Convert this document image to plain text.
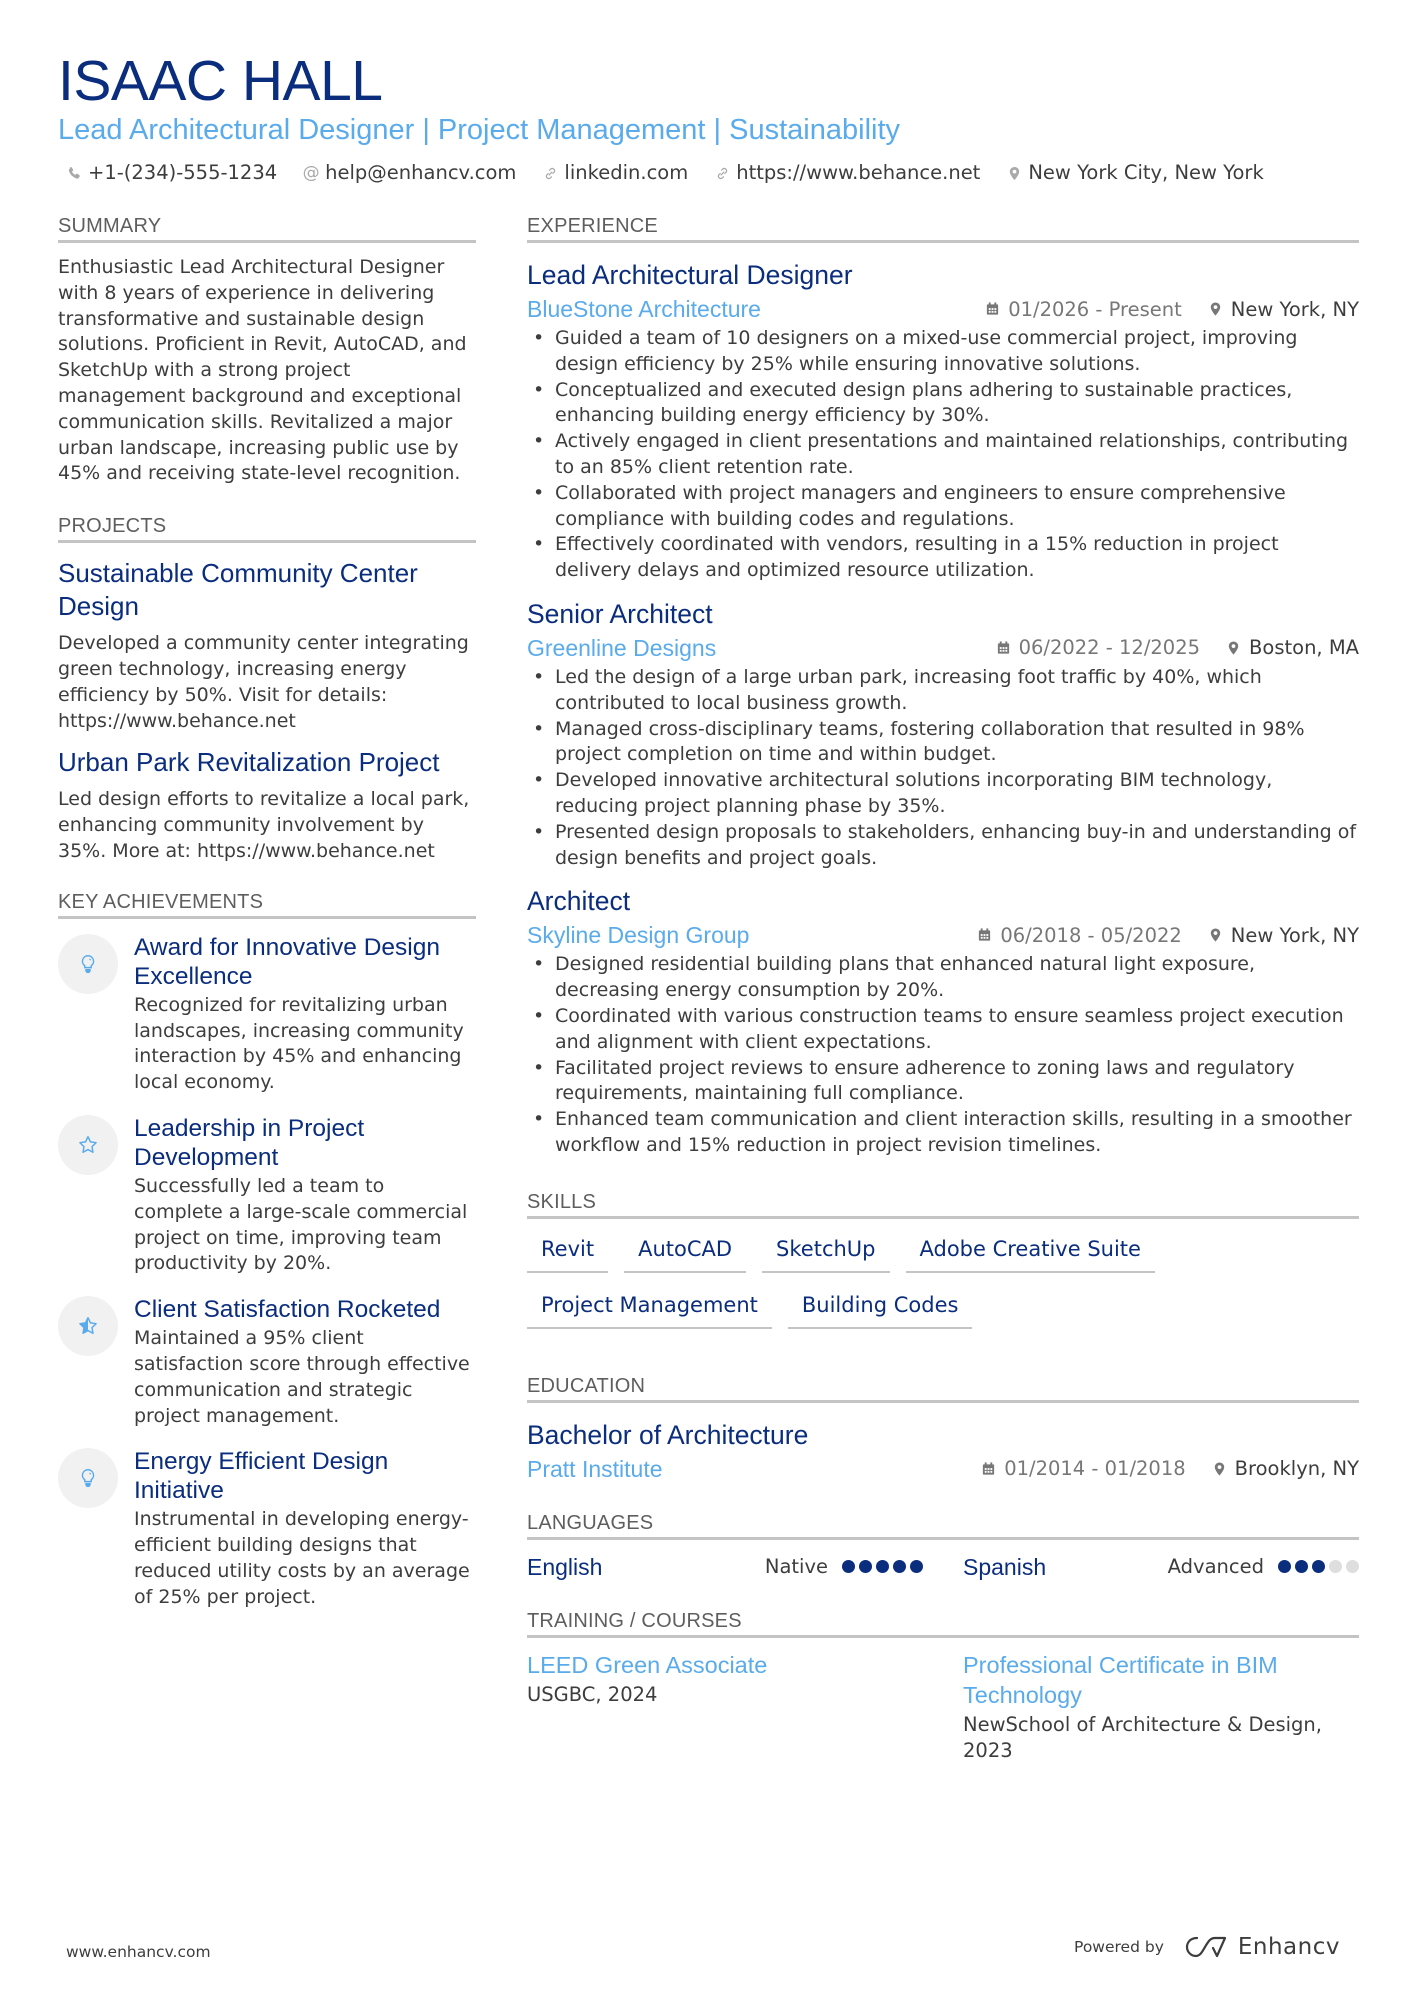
ISAAC HALL
Lead Architectural Designer | Project Management | Sustainability
+1-(234)-555-1234 @ help@enhancv.com linkedin.com https://www.behance.net New York City, New York
SUMMARY

Enthusiastic Lead Architectural Designer with 8 years of experience in delivering transformative and sustainable design solutions. Proficient in Revit, AutoCAD, and SketchUp with a strong project management background and exceptional communication skills. Revitalized a major urban landscape, increasing public use by 45% and receiving state-level recognition.

PROJECTS
Sustainable Community Center Design

Developed a community center integrating green technology, increasing energy efficiency by 50%. Visit for details: https://www.behance.net

Urban Park Revitalization Project

Led design efforts to revitalize a local park, enhancing community involvement by 35%. More at: https://www.behance.net

KEY ACHIEVEMENTS
Award for Innovative Design Excellence

Recognized for revitalizing urban landscapes, increasing community interaction by 45% and enhancing local economy.

Leadership in Project Development

Successfully led a team to complete a large-scale commercial project on time, improving team productivity by 20%.

Client Satisfaction Rocketed

Maintained a 95% client satisfaction score through effective communication and strategic project management.

Energy Efficient Design Initiative

Instrumental in developing energy-efficient building designs that reduced utility costs by an average of 25% per project.

EXPERIENCE
Lead Architectural Designer
BlueStone Architecture	01/2026 - Present	New York, NY
• Guided a team of 10 designers on a mixed-use commercial project, improving design efficiency by 25% while ensuring innovative solutions.
• Conceptualized and executed design plans adhering to sustainable practices, enhancing building energy efficiency by 30%.
• Actively engaged in client presentations and maintained relationships, contributing to an 85% client retention rate.
• Collaborated with project managers and engineers to ensure comprehensive compliance with building codes and regulations.
• Effectively coordinated with vendors, resulting in a 15% reduction in project delivery delays and optimized resource utilization.
Senior Architect
Greenline Designs	06/2022 - 12/2025	Boston, MA
• Led the design of a large urban park, increasing foot traffic by 40%, which contributed to local business growth.
• Managed cross-disciplinary teams, fostering collaboration that resulted in 98% project completion on time and within budget.
• Developed innovative architectural solutions incorporating BIM technology, reducing project planning phase by 35%.
• Presented design proposals to stakeholders, enhancing buy-in and understanding of design benefits and project goals.
Architect
Skyline Design Group	06/2018 - 05/2022	New York, NY
• Designed residential building plans that enhanced natural light exposure, decreasing energy consumption by 20%.
• Coordinated with various construction teams to ensure seamless project execution and alignment with client expectations.
• Facilitated project reviews to ensure adherence to zoning laws and regulatory requirements, maintaining full compliance.
• Enhanced team communication and client interaction skills, resulting in a smoother workflow and 15% reduction in project revision timelines.
SKILLS
Revit	AutoCAD	SketchUp	Adobe Creative Suite
Project Management	Building Codes
EDUCATION
Bachelor of Architecture
Pratt Institute	01/2014 - 01/2018	Brooklyn, NY
LANGUAGES
English	Native	Spanish	Advanced
TRAINING / COURSES
LEED Green Associate
USGBC, 2024
Professional Certificate in BIM Technology
NewSchool of Architecture & Design, 2023
www.enhancv.com	Powered by	Enhancv
